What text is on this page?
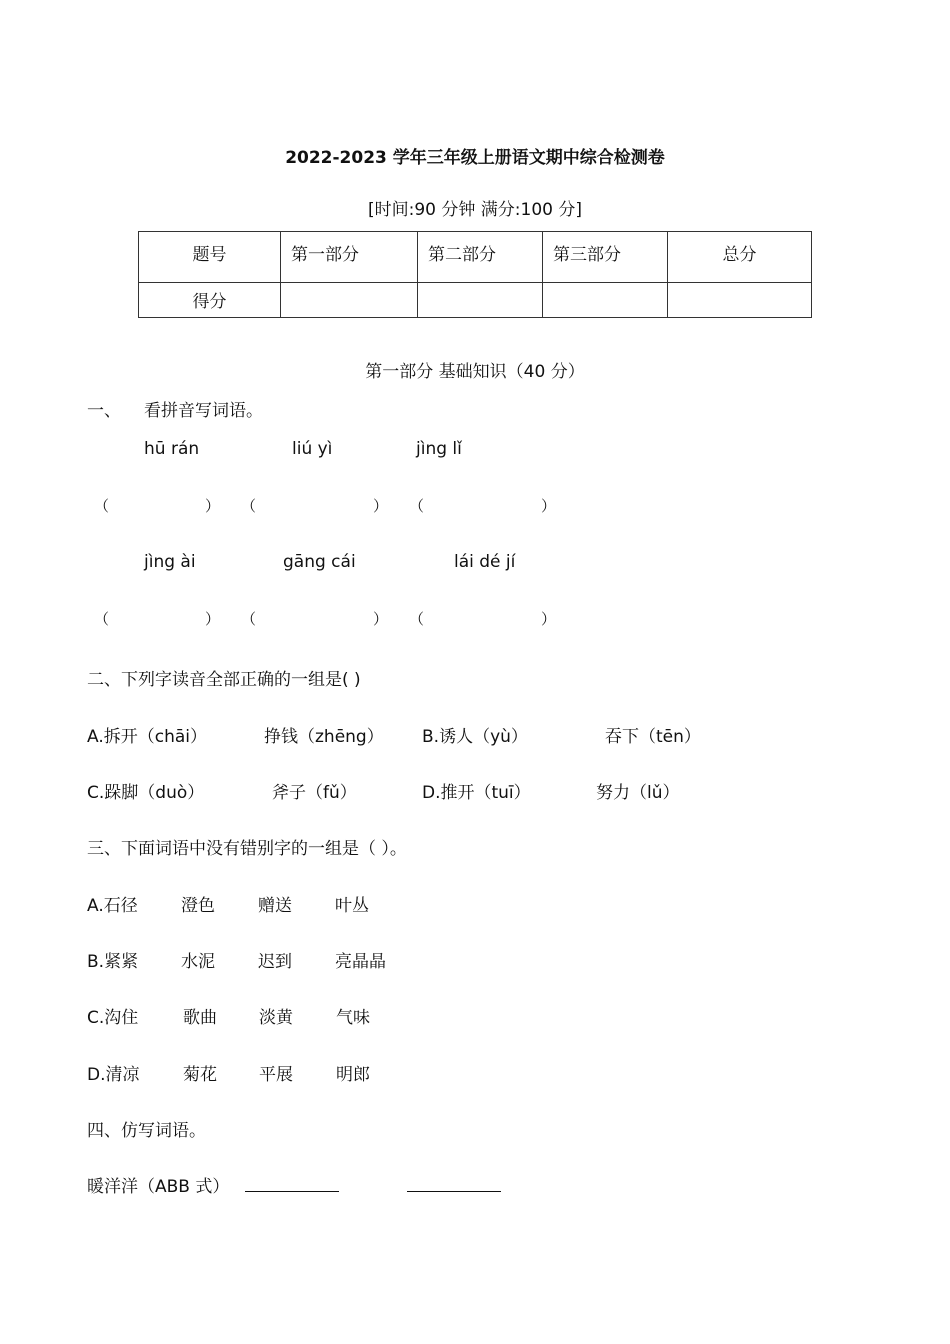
2022-2023 学年三年级上册语文期中综合检测卷
[时间:90 分钟 满分:100 分]
题号	第一部分	第二部分	第三部分	总分
得分				
第一部分 基础知识（40 分）
一、 看拼音写词语。
hū rán	liú yì	jìng lǐ
（	） （	） （	）
jìng ài	gāng cái	lái dé jí
（	） （	） （	）
二、下列字读音全部正确的一组是( )
A.拆开（chāi）	挣钱（zhēng） B.诱人（yù）	吞下（tēn）
C.跺脚（duò）	斧子（fǔ）	D.推开（tuī）	努力（lǔ）
三、下面词语中没有错别字的一组是（ ）。
A.石径	澄色	赠送	叶丛
B.紧紧	水泥	迟到	亮晶晶
C.沟住	歌曲 淡黄	气味
D.清凉	菊花 平展	明郎
四、仿写词语。
暖洋洋（ABB 式）
